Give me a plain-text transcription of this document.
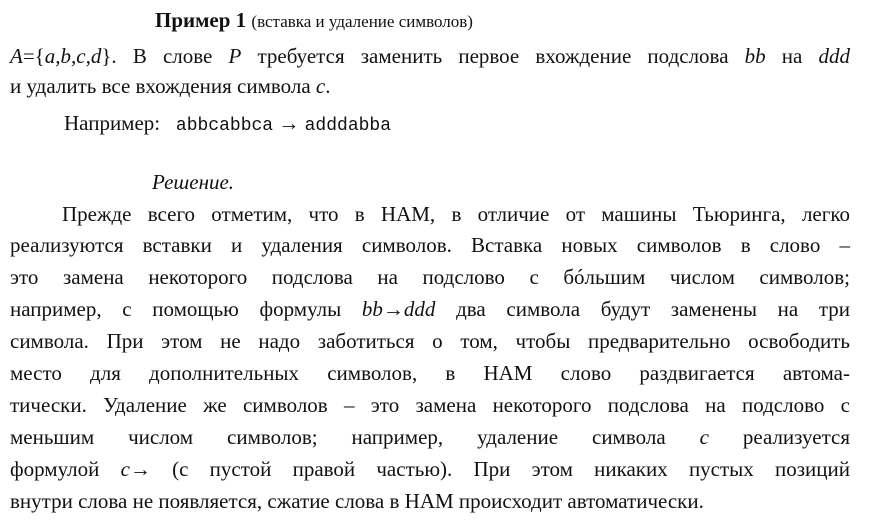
Пример 1 (вставка и удаление символов)
A={a,b,c,d}. В слове P требуется заменить первое вхождение подслова bb на ddd
и удалить все вхождения символа c.
Например: abbcabbca → adddabba
Решение.
Прежде всего отметим, что в НАМ, в отличие от машины Тьюринга, легко
реализуются вставки и удаления символов. Вставка новых символов в слово –
это замена некоторого подслова на подслово с бóльшим числом символов;
например, с помощью формулы bb→ddd два символа будут заменены на три
символа. При этом не надо заботиться о том, чтобы предварительно освободить
место для дополнительных символов, в НАМ слово раздвигается автома-
тически. Удаление же символов – это замена некоторого подслова на подслово с
меньшим числом символов; например, удаление символа c реализуется
формулой c→ (с пустой правой частью). При этом никаких пустых позиций
внутри слова не появляется, сжатие слова в НАМ происходит автоматически.
